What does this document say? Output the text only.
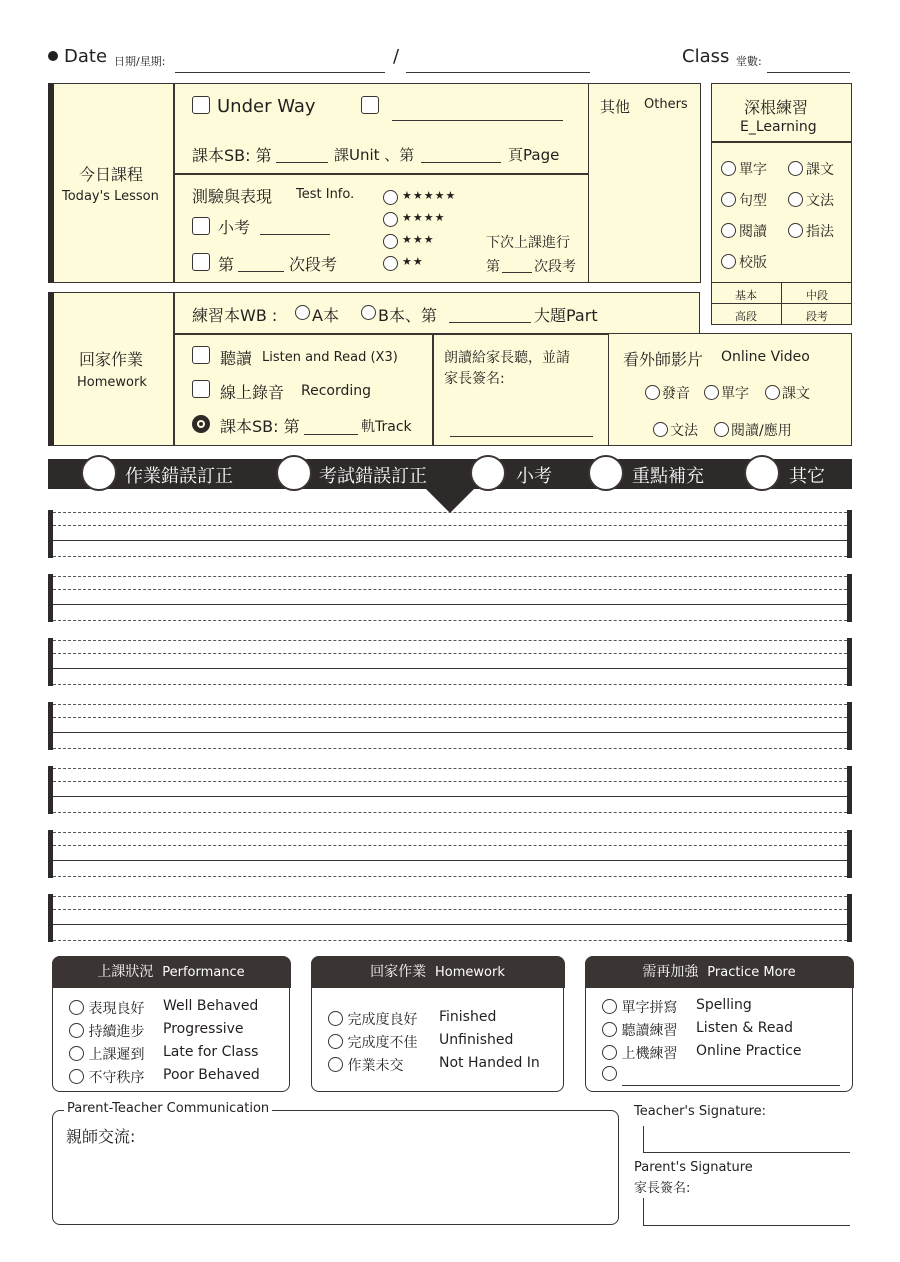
Date 日期/星期:	/	Class 堂數:
今日課程
Today's Lesson
Under Way
課本SB: 第	課Unit 、第	頁Page
測驗與表現 Test Info.
小考
第	次段考
★★★★★
★★★★
★★★
★★
下次上課進行
第 次段考
其他 Others	深根練習
E_Learning
單字	課文
句型	文法
閱讀	指法
校版
基本	中段
高段	段考
回家作業
Homework
練習本WB : A本 B本、第	大題Part
聽讀 Listen and Read (X3)
線上錄音 Recording
課本SB: 第	軌Track
朗讀給家長聽，並請
家長簽名:
看外師影片 Online Video
發音 單字 課文
文法 閱讀/應用
作業錯誤訂正	考試錯誤訂正	小考	重點補充	其它
上課狀況 Performance
表現良好 Well Behaved
持續進步 Progressive
上課遲到 Late for Class
不守秩序 Poor Behaved
回家作業 Homework
完成度良好 Finished
完成度不佳 Unfinished
作業未交	Not Handed In
需再加強 Practice More
單字拼寫 Spelling
聽讀練習 Listen & Read
上機練習 Online Practice
Parent-Teacher Communication
親師交流:
Teacher's Signature:
Parent's Signature
家長簽名:
